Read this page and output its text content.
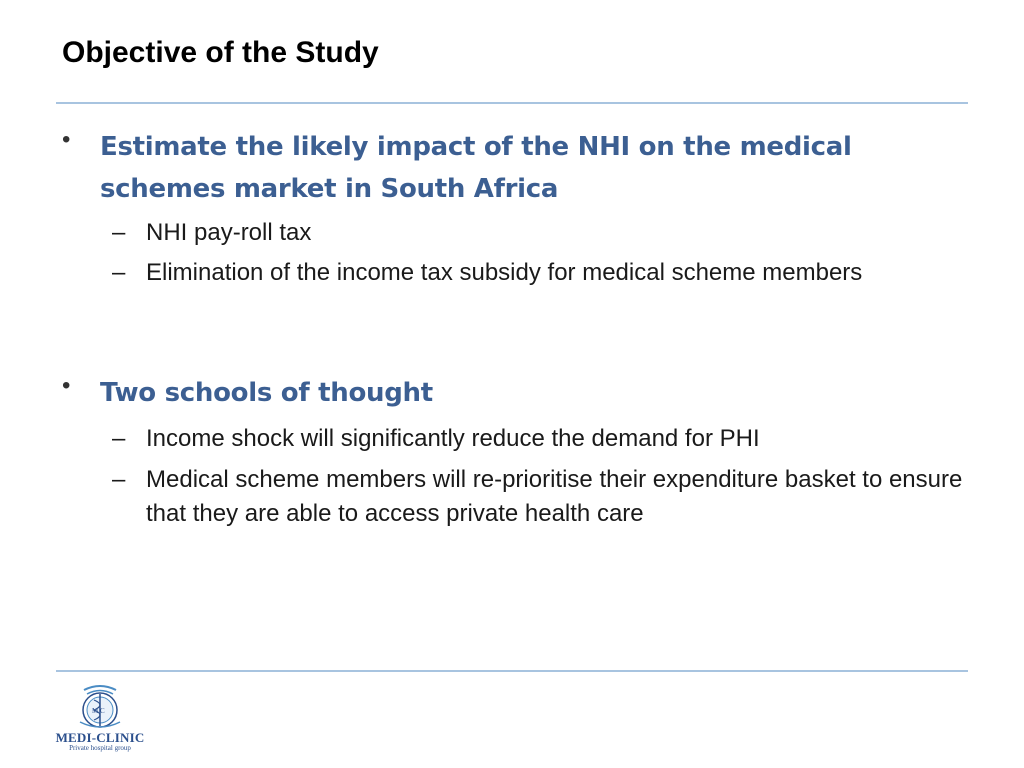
Objective of the Study
• Estimate the likely impact of the NHI on the medical schemes market in South Africa
– NHI pay-roll tax
– Elimination of the income tax subsidy for medical scheme members
• Two schools of thought
– Income shock will significantly reduce the demand for PHI
– Medical scheme members will re-prioritise their expenditure basket to ensure that they are able to access private health care
M C
MEDI-CLINIC
Private hospital group
